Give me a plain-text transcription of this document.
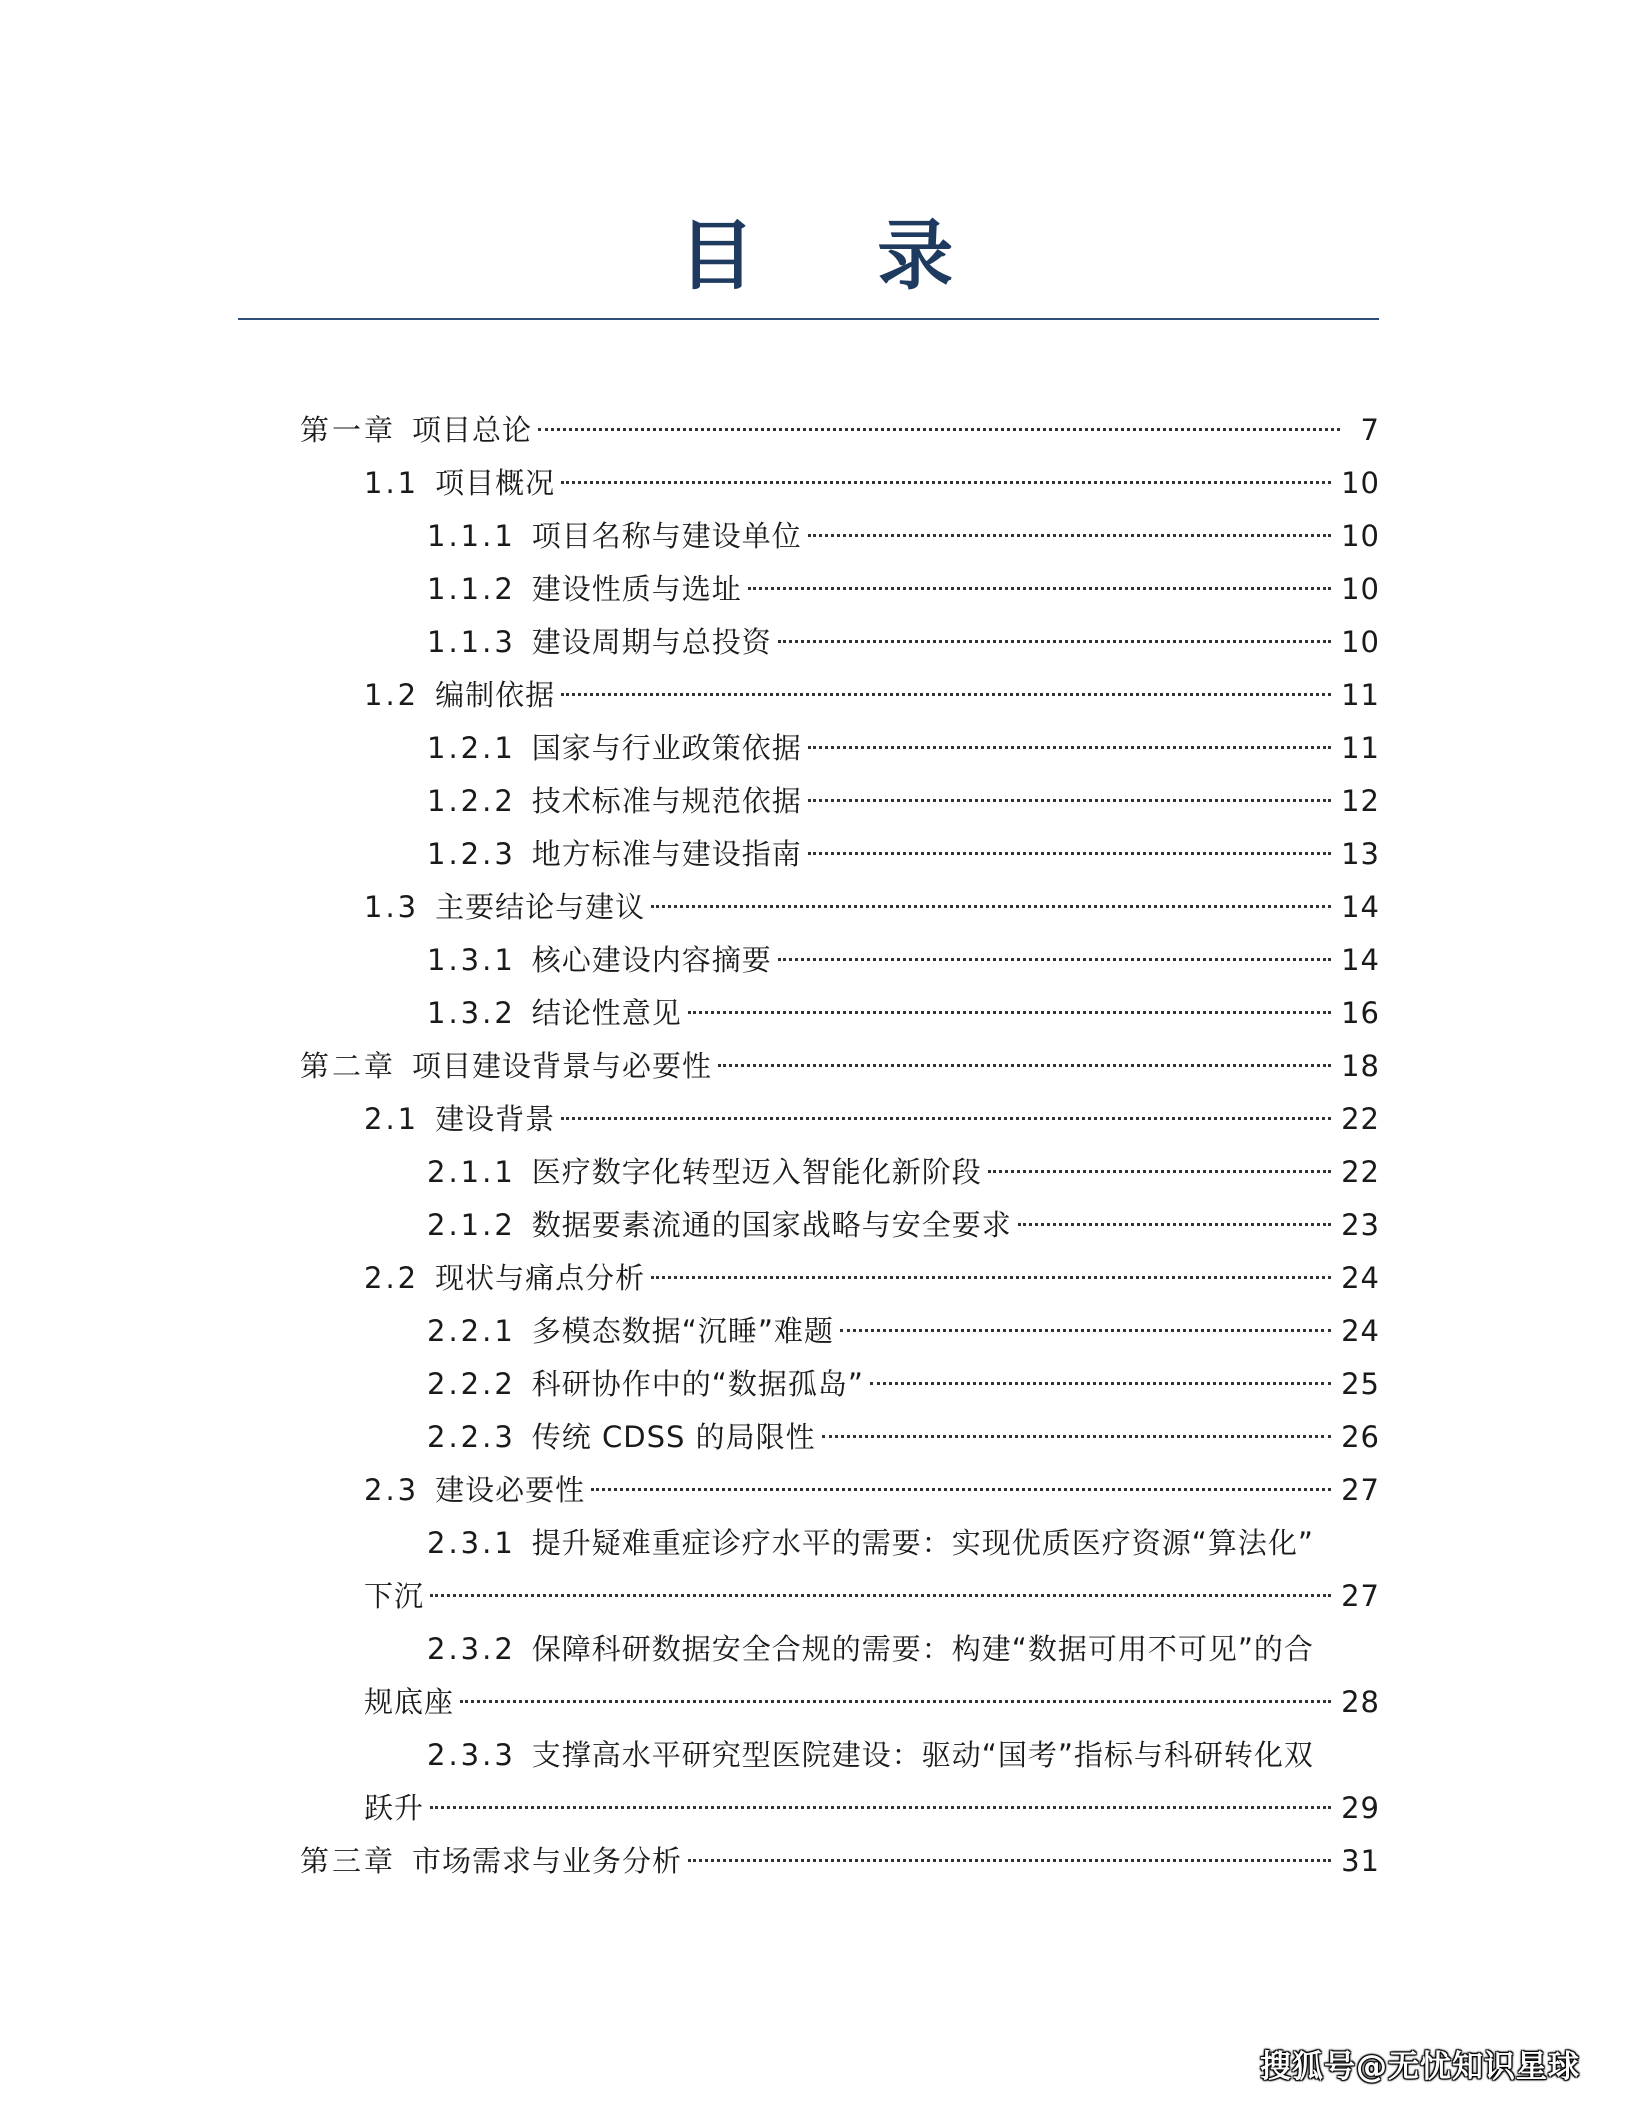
目 录
第一章 项目总论	7
1.1 项目概况	10
1.1.1 项目名称与建设单位	10
1.1.2 建设性质与选址	10
1.1.3 建设周期与总投资	10
1.2 编制依据	11
1.2.1 国家与行业政策依据	11
1.2.2 技术标准与规范依据	12
1.2.3 地方标准与建设指南	13
1.3 主要结论与建议	14
1.3.1 核心建设内容摘要	14
1.3.2 结论性意见	16
第二章 项目建设背景与必要性	18
2.1 建设背景	22
2.1.1 医疗数字化转型迈入智能化新阶段	22
2.1.2 数据要素流通的国家战略与安全要求	23
2.2 现状与痛点分析	24
2.2.1 多模态数据“沉睡”难题	24
2.2.2 科研协作中的“数据孤岛”	25
2.2.3 传统 CDSS 的局限性	26
2.3 建设必要性	27
2.3.1 提升疑难重症诊疗水平的需要：实现优质医疗资源“算法化”
下沉	27
2.3.2 保障科研数据安全合规的需要：构建“数据可用不可见”的合
规底座	28
2.3.3 支撑高水平研究型医院建设：驱动“国考”指标与科研转化双
跃升	29
第三章 市场需求与业务分析	31
搜狐号@无忧知识星球
